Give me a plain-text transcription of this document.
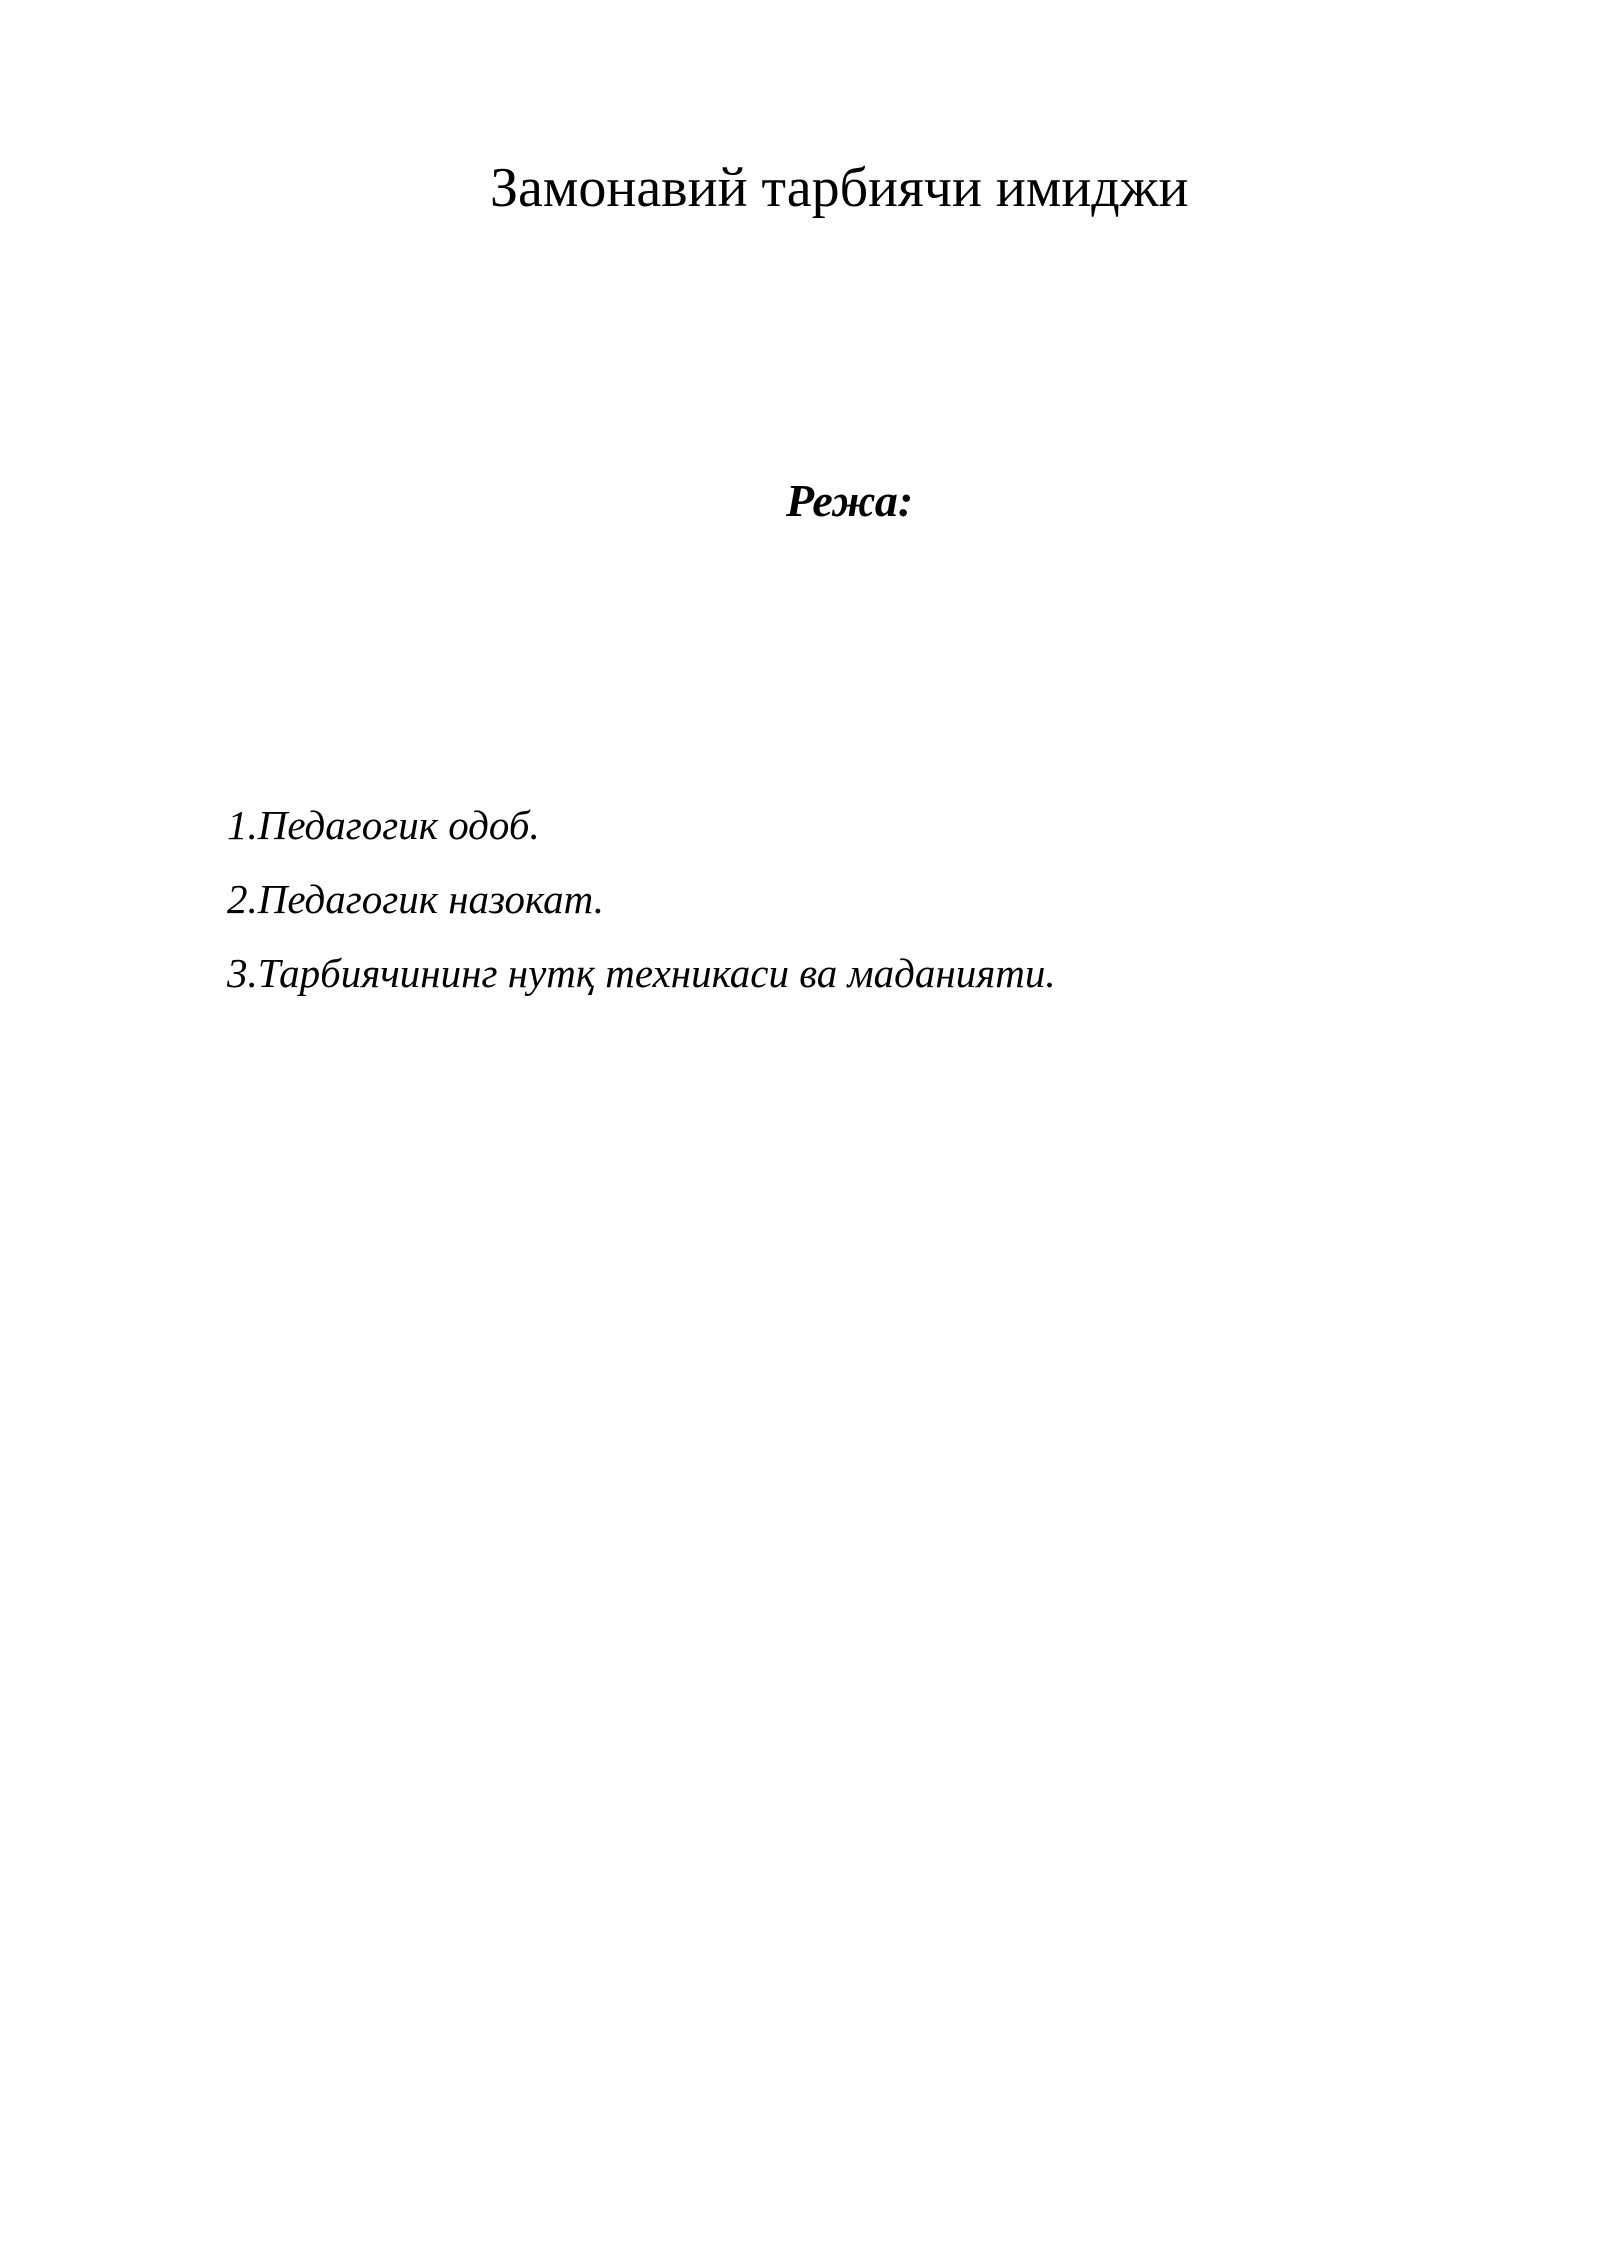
Замонавий тарбиячи имиджи
Режа:
1.Педагогик одоб.
2.Педагогик назокат.
3.Тарбиячининг нутқ техникаси ва маданияти.
